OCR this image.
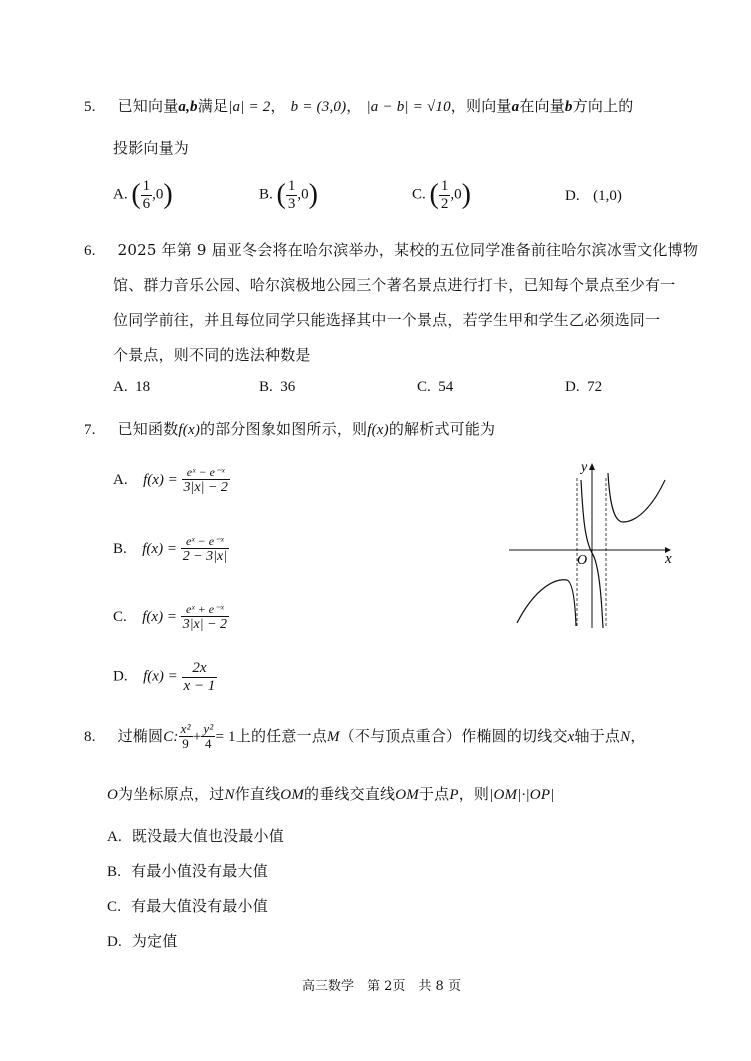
5. 已知向量a,b满足|a| = 2， b = (3,0)， |a − b| = √10，则向量a在向量b方向上的
投影向量为
A. ( $\frac{1}{6} ,0$)	B. ( $\frac{1}{3} ,0$)	C. ( $\frac{1}{2} ,0$)	D. (1,0)
6. 2025 年第 9 届亚冬会将在哈尔滨举办，某校的五位同学准备前往哈尔滨冰雪文化博物
馆、群力音乐公园、哈尔滨极地公园三个著名景点进行打卡，已知每个景点至少有一
位同学前往，并且每位同学只能选择其中一个景点，若学生甲和学生乙必须选同一
个景点，则不同的选法种数是
A. 18	B. 36	C. 54	D. 72
7. 已知函数f(x)的部分图象如图所示，则f(x)的解析式可能为
A. $f(x) = \frac{\text{eˣ − e⁻ˣ}}{3|x| - 2}$
B. $f(x) = \frac{\text{eˣ − e⁻ˣ}}{2 - 3|x|}$
C. $f(x) = \frac{\text{eˣ + e⁻ˣ}}{3|x| - 2}$
D. $f(x) = \frac{2x}{x - 1}$
x
y
O
8. 过椭圆C: $\frac{\text{x²}}{9} + \frac{\text{y²}}{4} = 1$上的任意一点M（不与顶点重合）作椭圆的切线交x轴于点N，
O为坐标原点，过N作直线OM的垂线交直线OM于点P，则|OM|·|OP|
A. 既没最大值也没最小值
B. 有最小值没有最大值
C. 有最大值没有最小值
D. 为定值
高三数学　第 2页　共 8 页
